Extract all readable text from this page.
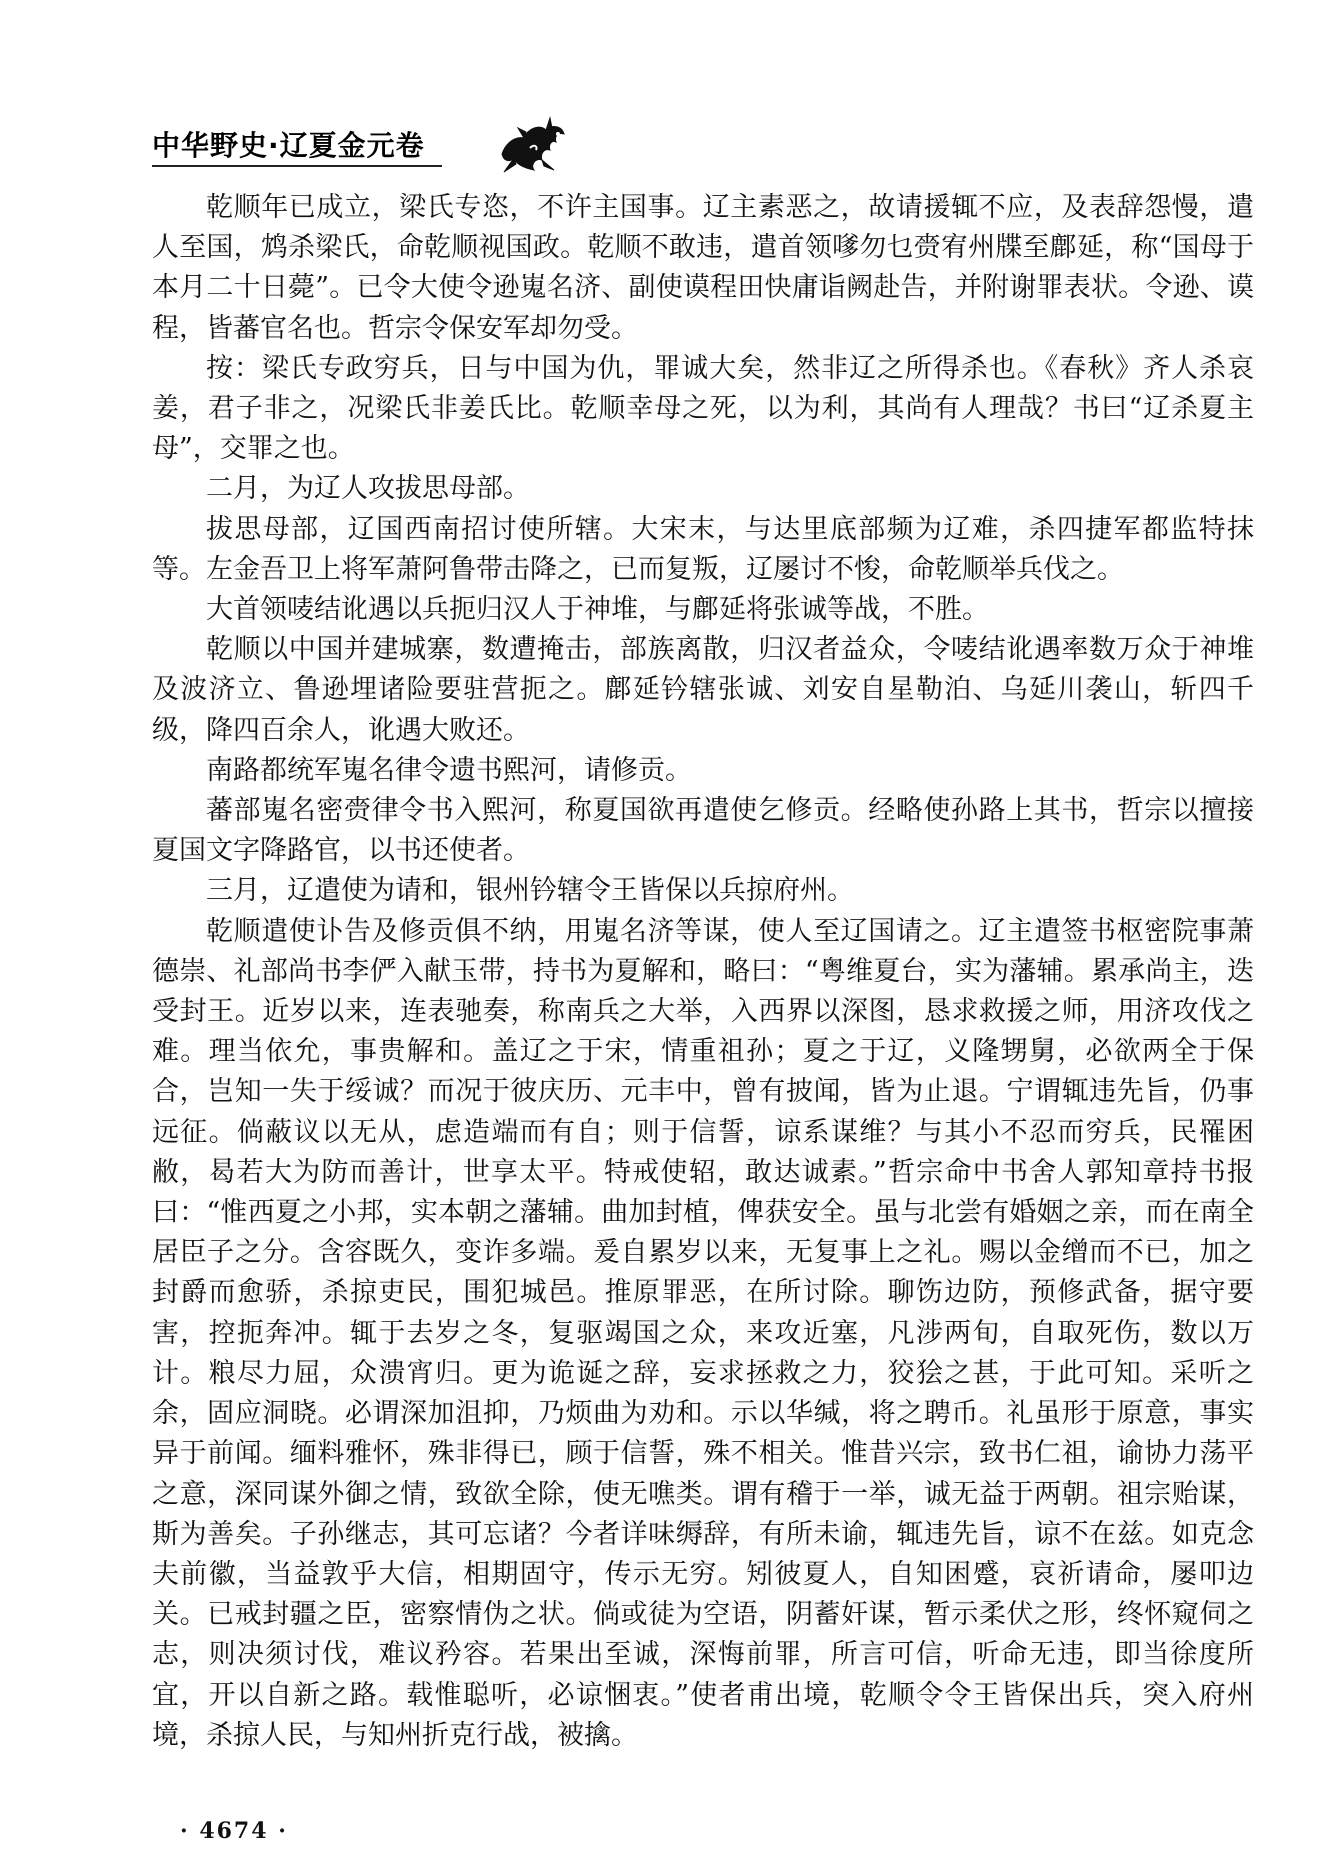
中华野史·辽夏金元卷

乾顺年已成立，梁氏专恣，不许主国事。辽主素恶之，故请援辄不应，及表辞怨慢，遣人至国，鸩杀梁氏，命乾顺视国政。乾顺不敢违，遣首领嗲勿乜赍宥州牒至鄜延，称“国母于本月二十日薨”。已令大使令逊嵬名济、副使谟程田快庸诣阙赴告，并附谢罪表状。令逊、谟程，皆蕃官名也。哲宗令保安军却勿受。

按：梁氏专政穷兵，日与中国为仇，罪诚大矣，然非辽之所得杀也。《春秋》齐人杀哀姜，君子非之，况梁氏非姜氏比。乾顺幸母之死，以为利，其尚有人理哉？书曰“辽杀夏主母”，交罪之也。

二月，为辽人攻拔思母部。

拔思母部，辽国西南招讨使所辖。大宋末，与达里底部频为辽难，杀四捷军都监特抹等。左金吾卫上将军萧阿鲁带击降之，已而复叛，辽屡讨不悛，命乾顺举兵伐之。

大首领唛结讹遇以兵扼归汉人于神堆，与鄜延将张诚等战，不胜。

乾顺以中国并建城寨，数遭掩击，部族离散，归汉者益众，令唛结讹遇率数万众于神堆及波济立、鲁逊埋诸险要驻营扼之。鄜延钤辖张诚、刘安自星勒泊、乌延川袭山，斩四千级，降四百余人，讹遇大败还。

南路都统军嵬名律令遗书熙河，请修贡。

蕃部嵬名密赍律令书入熙河，称夏国欲再遣使乞修贡。经略使孙路上其书，哲宗以擅接夏国文字降路官，以书还使者。

三月，辽遣使为请和，银州钤辖令王皆保以兵掠府州。

乾顺遣使讣告及修贡俱不纳，用嵬名济等谋，使人至辽国请之。辽主遣签书枢密院事萧德崇、礼部尚书李俨入献玉带，持书为夏解和，略曰：“粤维夏台，实为藩辅。累承尚主，迭受封王。近岁以来，连表驰奏，称南兵之大举，入西界以深图，恳求救援之师，用济攻伐之难。理当依允，事贵解和。盖辽之于宋，情重祖孙；夏之于辽，义隆甥舅，必欲两全于保合，岂知一失于绥诚？而况于彼庆历、元丰中，曾有披闻，皆为止退。宁谓辄违先旨，仍事远征。倘蔽议以无从，虑造端而有自；则于信誓，谅系谋维？与其小不忍而穷兵，民罹困敝，曷若大为防而善计，世享太平。特戒使轺，敢达诚素。”哲宗命中书舍人郭知章持书报曰：“惟西夏之小邦，实本朝之藩辅。曲加封植，俾获安全。虽与北尝有婚姻之亲，而在南全居臣子之分。含容既久，变诈多端。爰自累岁以来，无复事上之礼。赐以金缯而不已，加之封爵而愈骄，杀掠吏民，围犯城邑。推原罪恶，在所讨除。聊饬边防，预修武备，据守要害，控扼奔冲。辄于去岁之冬，复驱竭国之众，来攻近塞，凡涉两旬，自取死伤，数以万计。粮尽力屈，众溃宵归。更为诡诞之辞，妄求拯救之力，狡狯之甚，于此可知。采听之余，固应洞晓。必谓深加沮抑，乃烦曲为劝和。示以华缄，将之聘币。礼虽形于原意，事实异于前闻。缅料雅怀，殊非得已，顾于信誓，殊不相关。惟昔兴宗，致书仁祖，谕协力荡平之意，深同谋外御之情，致欲全除，使无噍类。谓有稽于一举，诚无益于两朝。祖宗贻谋，斯为善矣。子孙继志，其可忘诸？今者详味缛辞，有所未谕，辄违先旨，谅不在兹。如克念夫前徽，当益敦乎大信，相期固守，传示无穷。矧彼夏人，自知困蹙，哀祈请命，屡叩边关。已戒封疆之臣，密察情伪之状。倘或徒为空语，阴蓄奸谋，暂示柔伏之形，终怀窥伺之志，则决须讨伐，难议矜容。若果出至诚，深悔前罪，所言可信，听命无违，即当徐度所宜，开以自新之路。载惟聪听，必谅悃衷。”使者甫出境，乾顺令令王皆保出兵，突入府州境，杀掠人民，与知州折克行战，被擒。

· 4674 ·
